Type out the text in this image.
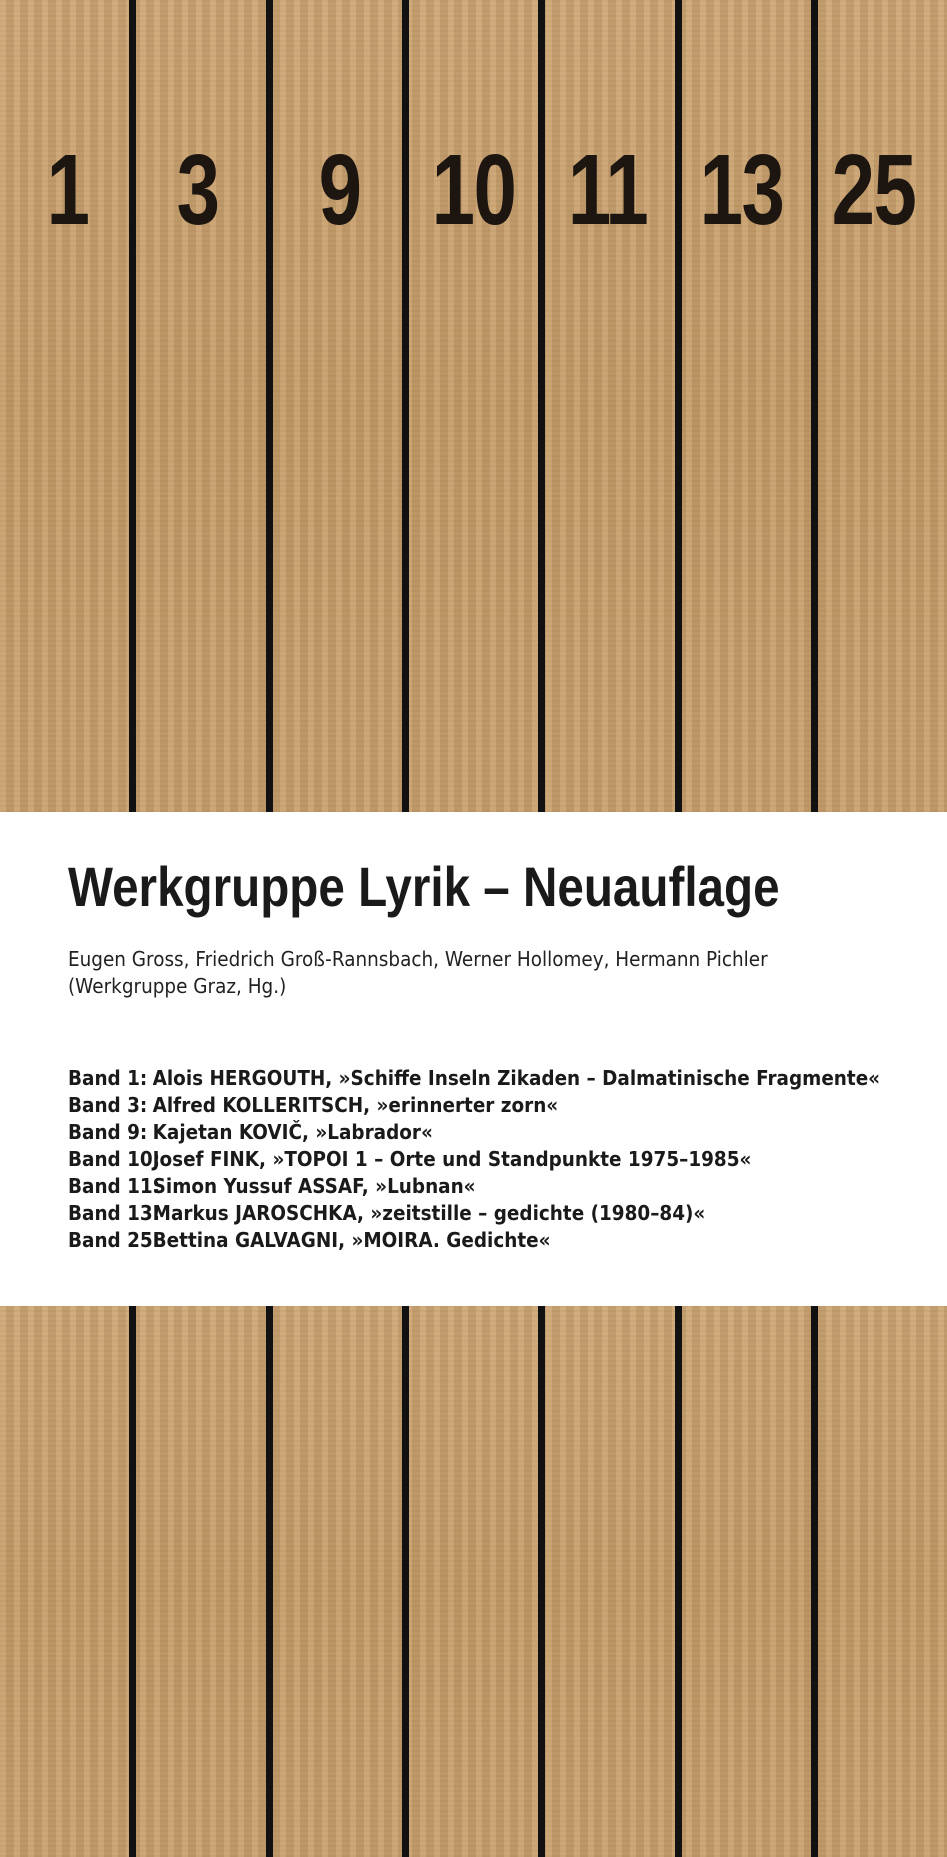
1 3	9 10 11 13 25
Werkgruppe Lyrik – Neuauflage
Eugen Gross, Friedrich Groß-Rannsbach, Werner Hollomey, Hermann Pichler
(Werkgruppe Graz, Hg.)
Band 1: Alois HERGOUTH, »Schiffe Inseln Zikaden – Dalmatinische Fragmente«
Band 3: Alfred KOLLERITSCH, »erinnerter zorn«
Band 9: Kajetan KOVIČ, »Labrador«
Band 10:
Josef FINK, »TOPOI 1 – Orte und Standpunkte 1975–1985«
Band 11:
Simon Yussuf ASSAF, »Lubnan«
Band 13:
Markus JAROSCHKA, »zeitstille – gedichte (1980–84)«
Band 25:
Bettina GALVAGNI, »MOIRA. Gedichte«
